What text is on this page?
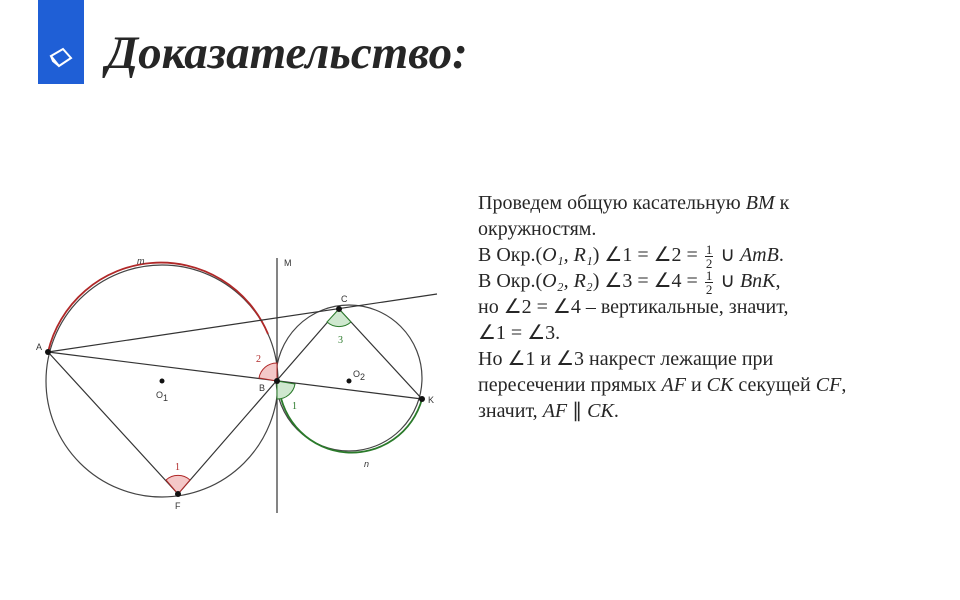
Доказательство:
A
B
C
K
F
M
O 1
O 2
m
n
2
1
1
3
Проведем общую касательную BM к
окружностям.
В Окр.(O₁, R₁) ∠1 = ∠2 = $\frac{1}{2}$ ∪ AmB.
В Окр.(O₂, R₂) ∠3 = ∠4 = $\frac{1}{2}$ ∪ BnK,
но ∠2 = ∠4 – вертикальные, значит,
∠1 = ∠3.
Но ∠1 и ∠3 накрест лежащие при
пересечении прямых AF и CK секущей CF,
значит, AF ∥ CK.
